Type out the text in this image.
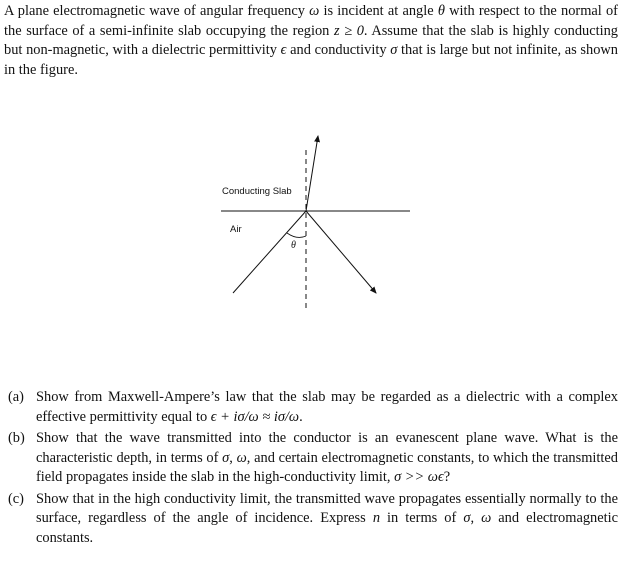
A plane electromagnetic wave of angular frequency ω is incident at angle θ with respect to the normal of the surface of a semi-infinite slab occupying the region z ≥ 0. Assume that the slab is highly conducting but non-magnetic, with a dielectric permittivity ϵ and conductivity σ that is large but not infinite, as shown in the figure.
Conducting Slab
Air
θ
(a) Show from Maxwell-Ampere’s law that the slab may be regarded as a dielectric with a complex effective permittivity equal to ϵ + iσ/ω ≈ iσ/ω.
(b) Show that the wave transmitted into the conductor is an evanescent plane wave. What is the characteristic depth, in terms of σ, ω, and certain electromagnetic constants, to which the transmitted field propagates inside the slab in the high-conductivity limit, σ >> ωϵ?
(c) Show that in the high conductivity limit, the transmitted wave propagates essentially normally to the surface, regardless of the angle of incidence. Express n in terms of σ, ω and electromagnetic constants.
